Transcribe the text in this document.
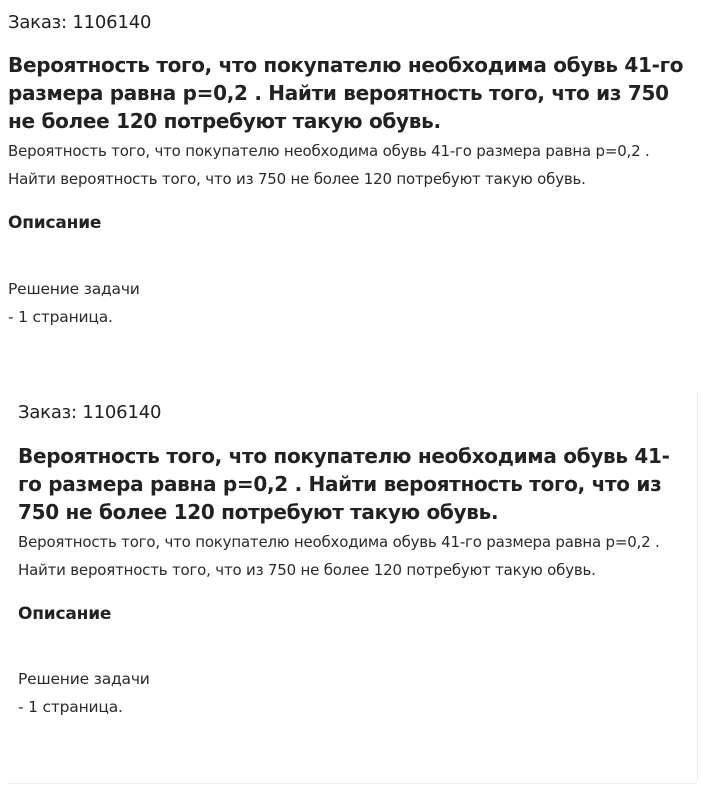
Заказ: 1106140

Вероятность того, что покупателю необходима обувь 41-го размера равна p=0,2 . Найти вероятность того, что из 750 не более 120 потребуют такую обувь.

Вероятность того, что покупателю необходима обувь 41-го размера равна p=0,2 . Найти вероятность того, что из 750 не более 120 потребуют такую обувь.

Описание

Решение задачи

- 1 страница.

Заказ: 1106140

Вероятность того, что покупателю необходима обувь 41-го размера равна p=0,2 . Найти вероятность того, что из 750 не более 120 потребуют такую обувь.

Вероятность того, что покупателю необходима обувь 41-го размера равна p=0,2 . Найти вероятность того, что из 750 не более 120 потребуют такую обувь.

Описание

Решение задачи

- 1 страница.
